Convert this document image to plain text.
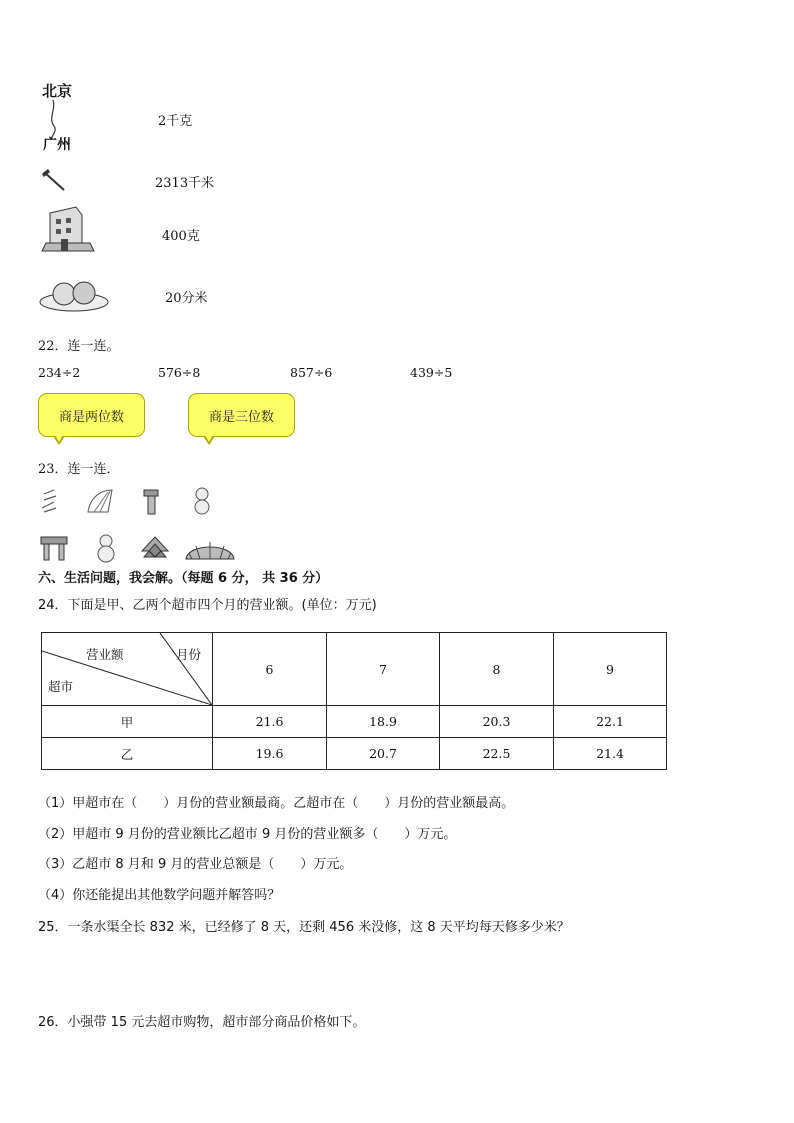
北京
广州
2千克
2313千米
400克
20分米
22．连一连。
234÷2	576÷8	857÷6	439÷5
商是两位数	商是三位数
23．连一连．
六、生活问题，我会解。（每题 6 分， 共 36 分）
24．下面是甲、乙两个超市四个月的营业额。(单位：万元)
营业额 月份
超市	6	7	8	9
甲	21.6	18.9	20.3	22.1
乙	19.6	20.7	22.5	21.4
（1）甲超市在（　　）月份的营业额最商。乙超市在（　　）月份的营业额最高。
（2）甲超市 9 月份的营业额比乙超市 9 月份的营业额多（　　）万元。
（3）乙超市 8 月和 9 月的营业总额是（　　）万元。
（4）你还能提出其他数学问题并解答吗？
25．一条水渠全长 832 米，已经修了 8 天，还剩 456 米没修，这 8 天平均每天修多少米？
26．小强带 15 元去超市购物，超市部分商品价格如下。
